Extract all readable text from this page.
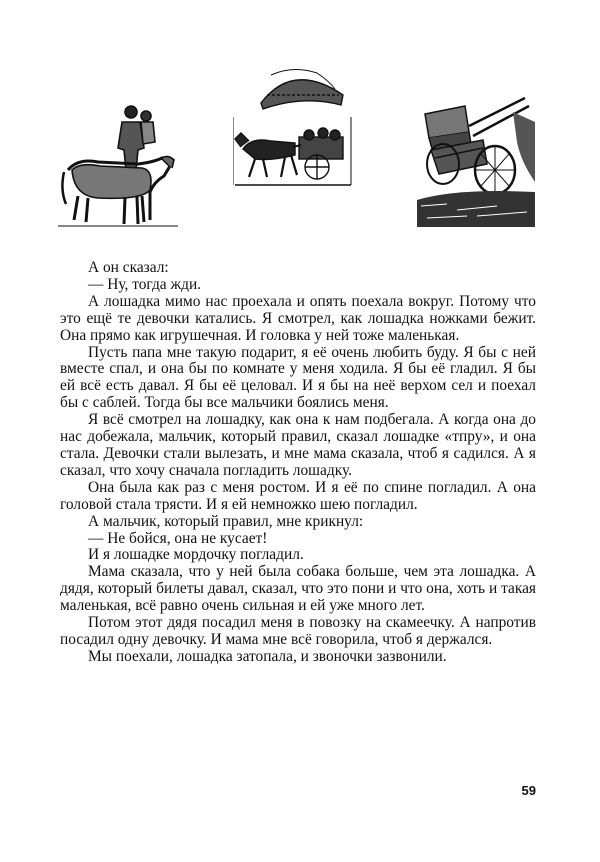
А он сказал:

— Ну, тогда жди.

А лошадка мимо нас проехала и опять поехала вокруг. Потому что это ещё те девочки катались. Я смотрел, как лошадка ножками бежит. Она прямо как игрушечная. И головка у ней тоже маленькая.

Пусть папа мне такую подарит, я её очень любить буду. Я бы с ней вместе спал, и она бы по комнате у меня ходила. Я бы её гладил. Я бы ей всё есть давал. Я бы её целовал. И я бы на неё верхом сел и поехал бы с саблей. Тогда бы все мальчики боялись меня.

Я всё смотрел на лошадку, как она к нам подбегала. А когда она до нас добежала, мальчик, который правил, сказал лошадке «тпру», и она стала. Девочки стали вылезать, и мне мама сказала, чтоб я садился. А я сказал, что хочу сначала погладить лошадку.

Она была как раз с меня ростом. И я её по спине погладил. А она головой стала трясти. И я ей немножко шею погладил.

А мальчик, который правил, мне крикнул:

— Не бойся, она не кусает!

И я лошадке мордочку погладил.

Мама сказала, что у ней была собака больше, чем эта лошадка. А дядя, который билеты давал, сказал, что это пони и что она, хоть и такая маленькая, всё равно очень сильная и ей уже много лет.

Потом этот дядя посадил меня в повозку на скамеечку. А напротив посадил одну девочку. И мама мне всё говорила, чтоб я держался.

Мы поехали, лошадка затопала, и звоночки зазвонили.

59
